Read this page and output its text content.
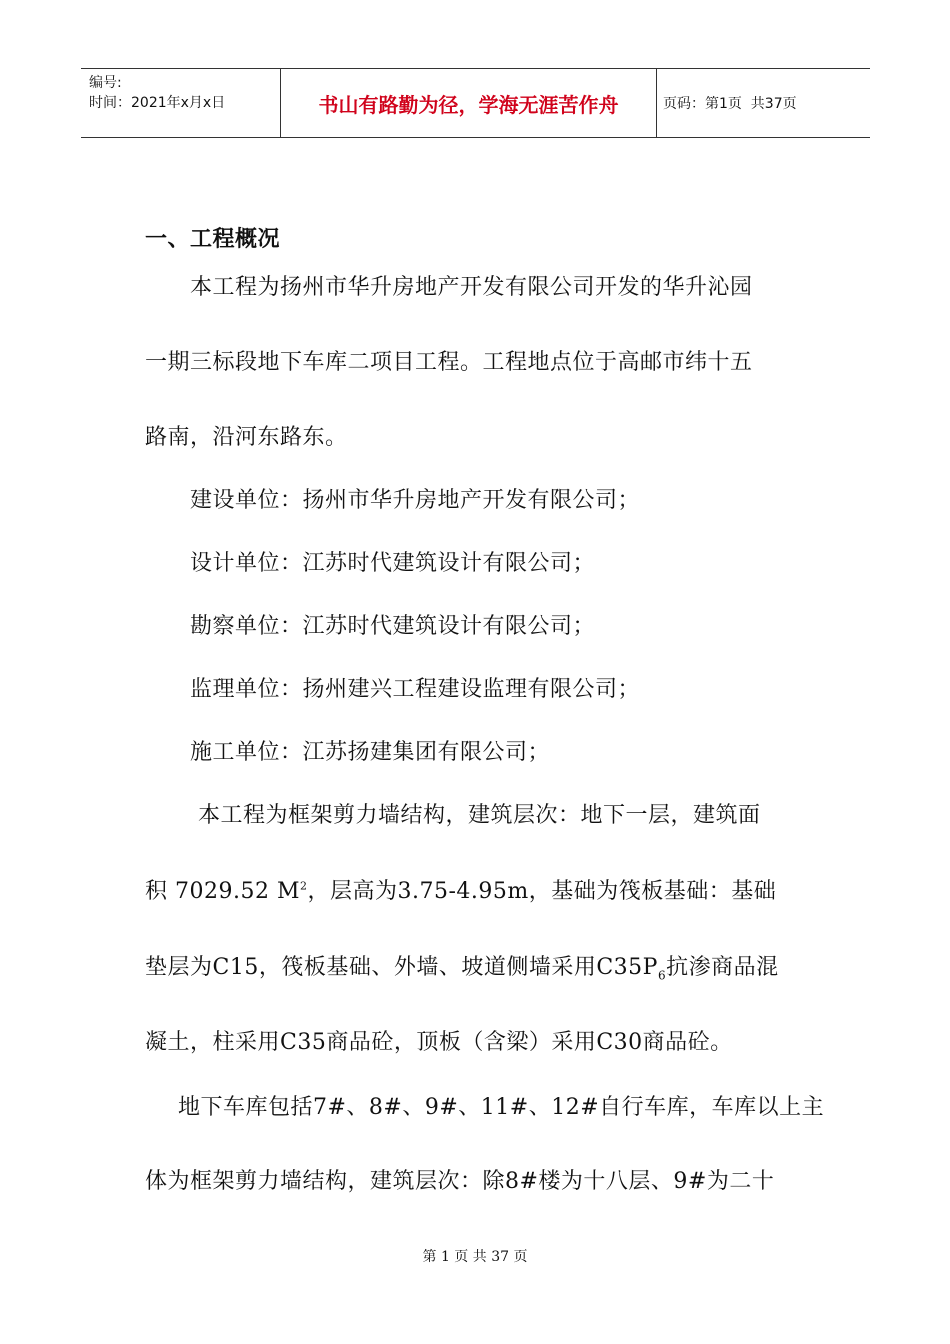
编号:
时间：2021年x月x日	书山有路勤为径，学海无涯苦作舟	页码：第1页  共37页
一、工程概况
本工程为扬州市华升房地产开发有限公司开发的华升沁园
一期三标段地下车库二项目工程。工程地点位于高邮市纬十五
路南，沿河东路东。
建设单位：扬州市华升房地产开发有限公司；
设计单位：江苏时代建筑设计有限公司；
勘察单位：江苏时代建筑设计有限公司；
监理单位：扬州建兴工程建设监理有限公司；
施工单位：江苏扬建集团有限公司；
本工程为框架剪力墙结构，建筑层次：地下一层，建筑面
积 7029.52 $M^2$，层高为3.75-4.95m，基础为筏板基础：基础
垫层为C15，筏板基础、外墙、坡道侧墙采用$C35P_6$抗渗商品混
凝土，柱采用C35商品砼，顶板（含梁）采用C30商品砼。
地下车库包括7#、8#、9#、11#、12#自行车库，车库以上主
体为框架剪力墙结构，建筑层次：除8#楼为十八层、9#为二十
第 1 页 共 37 页
